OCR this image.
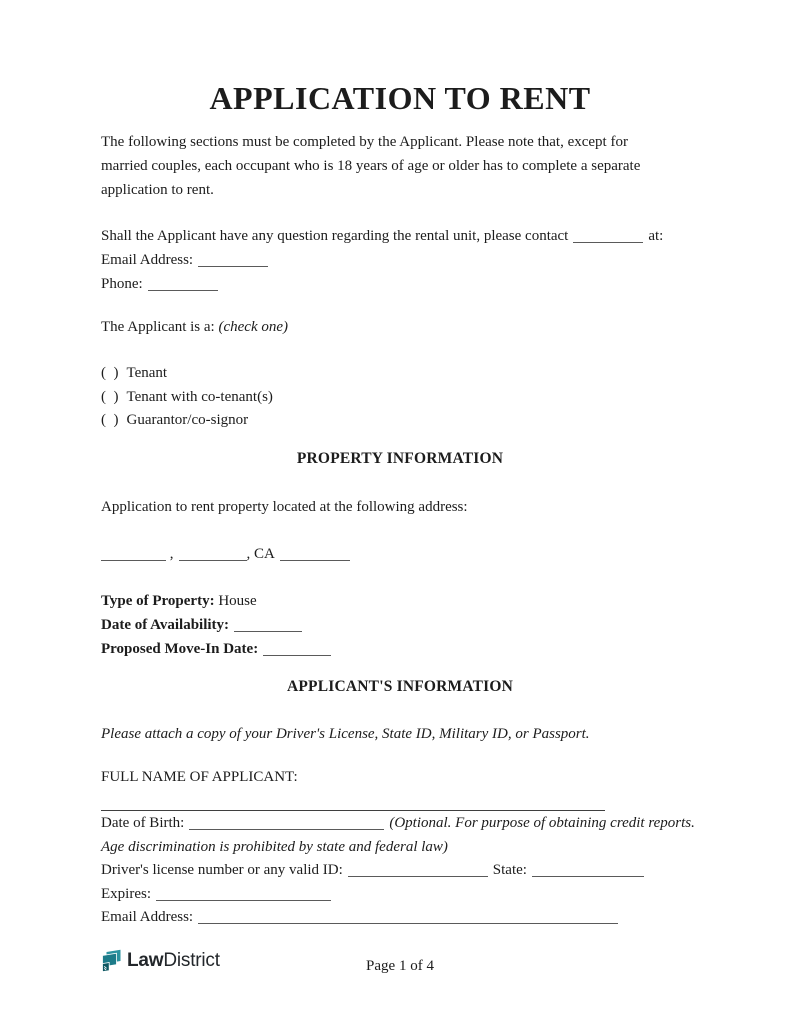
APPLICATION TO RENT
The following sections must be completed by the Applicant. Please note that, except for
married couples, each occupant who is 18 years of age or older has to complete a separate
application to rent.
Shall the Applicant have any question regarding the rental unit, please contact	at:
Email Address:
Phone:
The Applicant is a: (check one)
(  ) Tenant
(  ) Tenant with co-tenant(s)
(  ) Guarantor/co-signor
PROPERTY INFORMATION
Application to rent property located at the following address:
,	, CA
Type of Property: House
Date of Availability:
Proposed Move-In Date:
APPLICANT'S INFORMATION
Please attach a copy of your Driver's License, State ID, Military ID, or Passport.
FULL NAME OF APPLICANT:
Date of Birth:	(Optional. For purpose of obtaining credit reports. Age discrimination is prohibited by state and federal law)
Driver's license number or any valid ID:	State:
Expires:
Email Address:
LawDistrict	Page 1 of 4
